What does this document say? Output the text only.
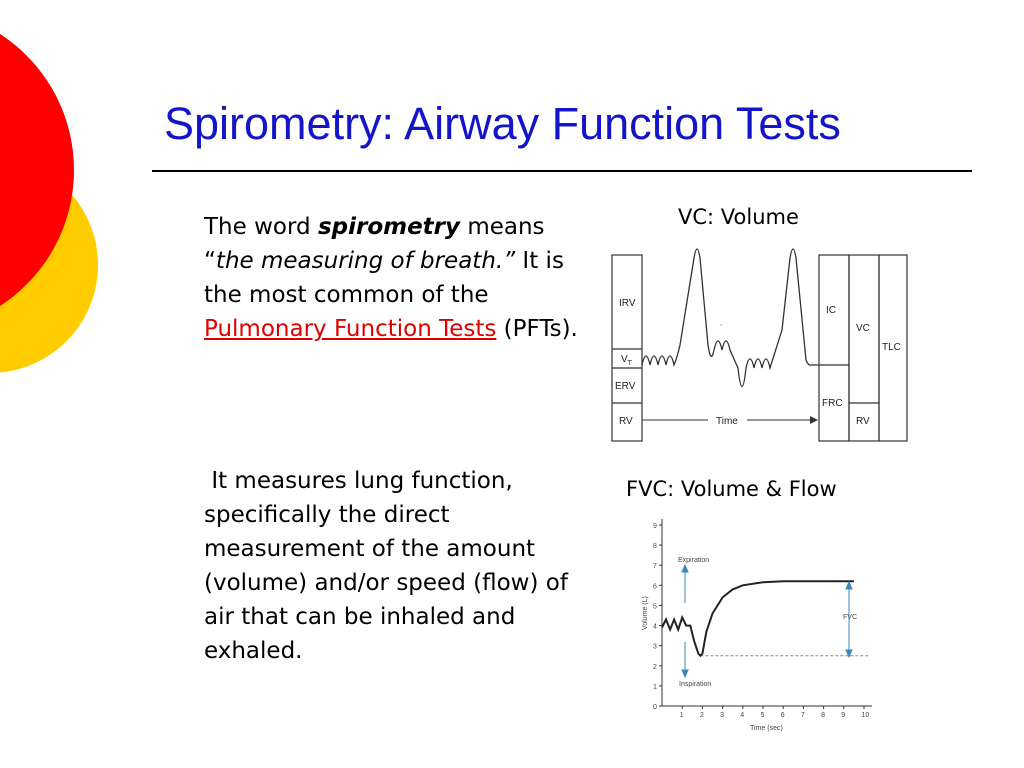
Spirometry: Airway Function Tests
The word spirometry means “the measuring of breath.” It is the most common of the Pulmonary Function Tests (PFTs).
It measures lung function, specifically the direct measurement of the amount (volume) and/or speed (flow) of air that can be inhaled and exhaled.
VC: Volume
FVC: Volume & Flow
IRV
$V_T$
ERV
RV	Time
IC
FRC
VC
RV
TLC
0
1
2
3
4
5
6
7
8
9
1 2 3 4 5 6 7 8 9 10
Expiration
Inspiration
FVC
Time (sec)
Volume (L)
